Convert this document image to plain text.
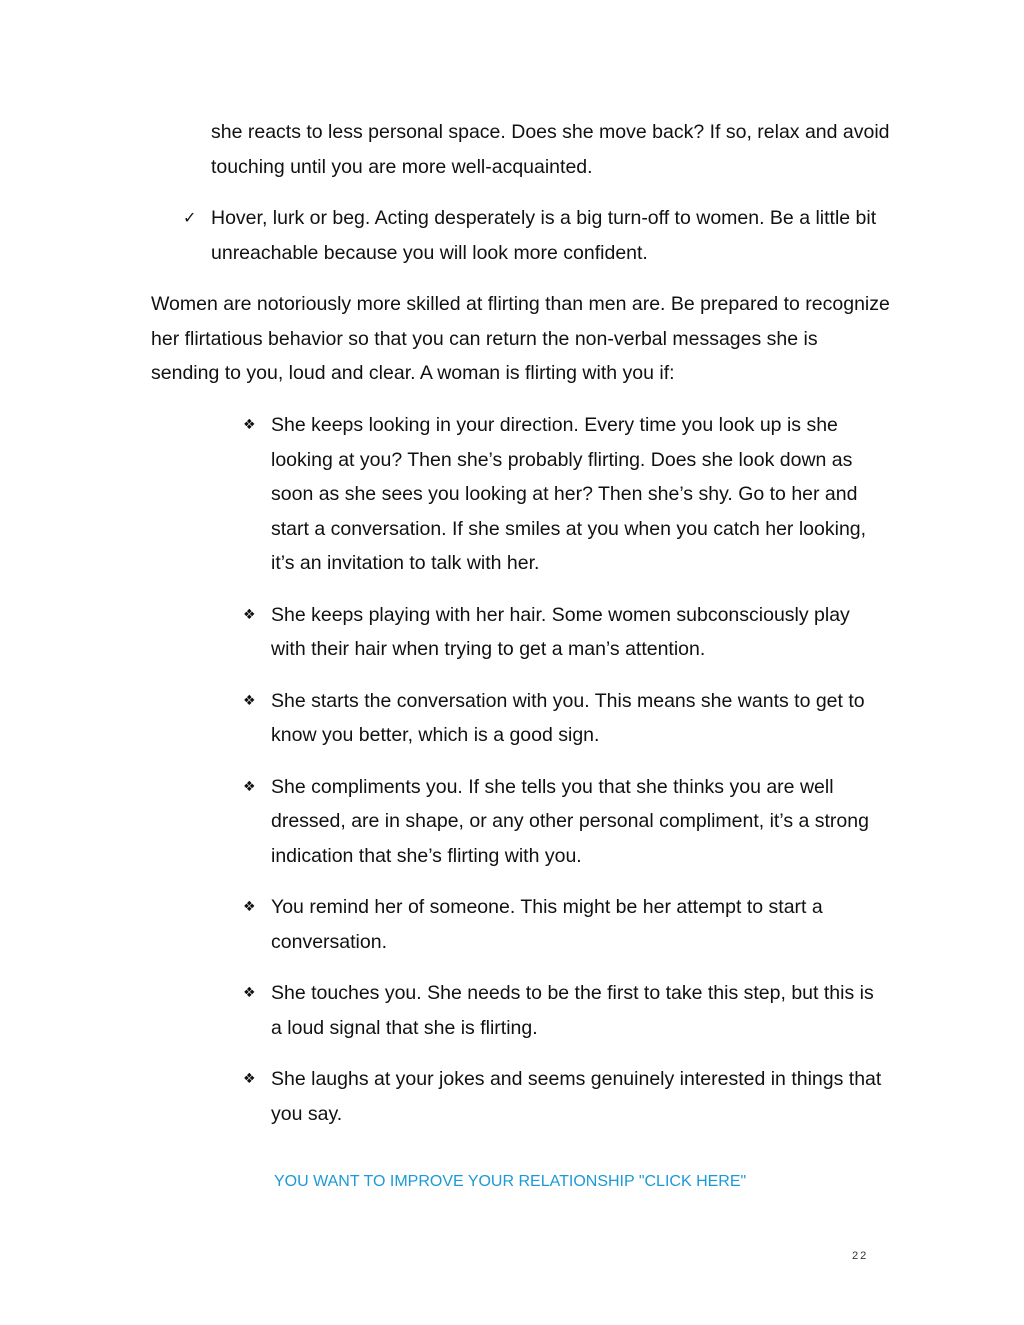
she reacts to less personal space. Does she move back? If so, relax and avoid touching until you are more well-acquainted.

✓ Hover, lurk or beg. Acting desperately is a big turn-off to women. Be a little bit unreachable because you will look more confident.

Women are notoriously more skilled at flirting than men are. Be prepared to recognize her flirtatious behavior so that you can return the non-verbal messages she is sending to you, loud and clear. A woman is flirting with you if:

❖ She keeps looking in your direction. Every time you look up is she looking at you? Then she’s probably flirting. Does she look down as soon as she sees you looking at her? Then she’s shy. Go to her and start a conversation. If she smiles at you when you catch her looking, it’s an invitation to talk with her.
❖ She keeps playing with her hair. Some women subconsciously play with their hair when trying to get a man’s attention.
❖ She starts the conversation with you. This means she wants to get to know you better, which is a good sign.
❖ She compliments you. If she tells you that she thinks you are well dressed, are in shape, or any other personal compliment, it’s a strong indication that she’s flirting with you.
❖ You remind her of someone. This might be her attempt to start a conversation.
❖ She touches you. She needs to be the first to take this step, but this is a loud signal that she is flirting.
❖ She laughs at your jokes and seems genuinely interested in things that you say.
YOU WANT TO IMPROVE YOUR RELATIONSHIP "CLICK HERE"
22
